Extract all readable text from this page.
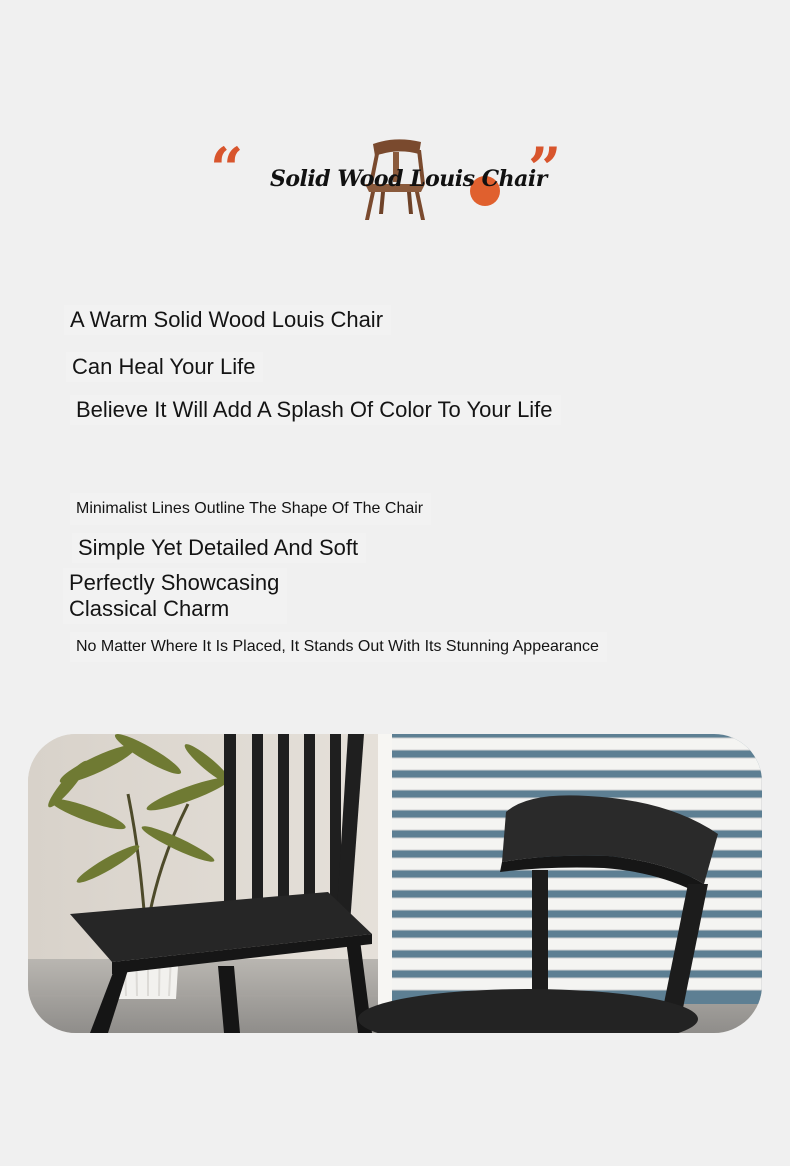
“	”
Solid Wood Louis Chair
A Warm Solid Wood Louis Chair
Can Heal Your Life
Believe It Will Add A Splash Of Color To Your Life
Minimalist Lines Outline The Shape Of The Chair
Simple Yet Detailed And Soft
Perfectly Showcasing
Classical Charm
No Matter Where It Is Placed, It Stands Out With Its Stunning Appearance
